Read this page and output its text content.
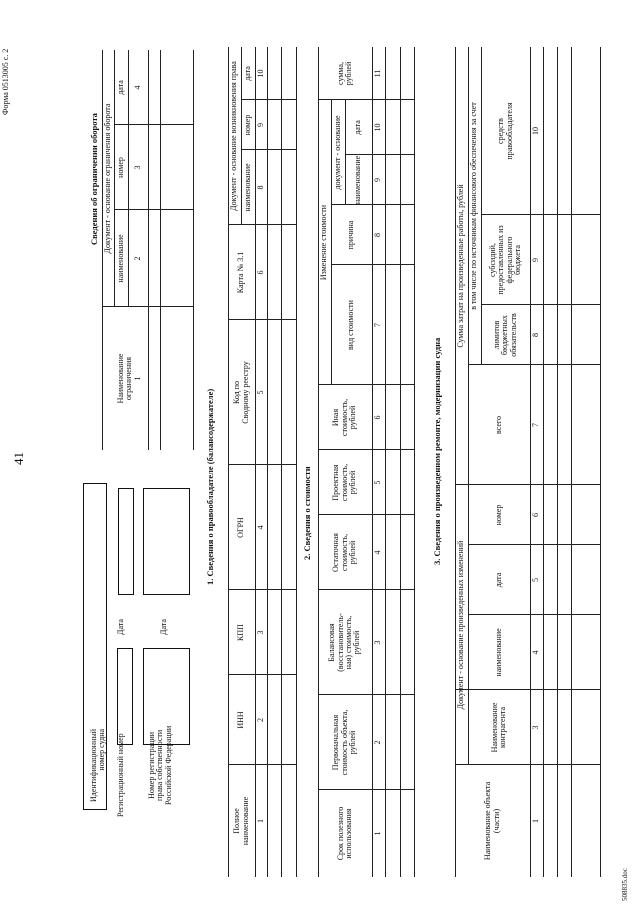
41
Форма 0513005 с. 2
Идентификационный
номер судна Регистрационный номер
Дата
Номер регистрации
права собственности
Российской Федерации
Дата
Сведения об ограничении оборота
Наименование
ограничения
Документ - основание ограничения оборота
наименование
номер
дата
1
2
3
4
1. Сведения о правообладателе (балансодержателе)
Полное
наименование
ИНН
КПП
ОГРН
Код по
Сводному реестру
Карта № 3.1
Документ - основание возникновения права наименование
номер
дата
1
2
3
4
5
6
8
9
10
2. Сведения о стоимости
Срок полезного
использования
Первоначальная
стоимость объекта,
рублей
Балансовая
(восстановитель-
ная) стоимость,
рублей
Остаточная
стоимость,
рублей
Проектная
стоимость,
рублей
Иная
стоимость,
рублей
Изменение стоимости
вид стоимости
причина
документ - основание	наименование
дата
сумма,
рублей
1
2
3
4
5
6
7
8
9
10
11
3. Сведения о произведенном ремонте, модернизации судна
Наименование объекта
(части)
Наименование
контрагента
Документ - основание произведенных изменений	наименование
дата
номер
Сумма затрат на произведенные работы, рублей
всего
в том числе по источникам финансового обеспечения за счет
лимитов
бюджетных
обязательств
субсидий,
предоставленных из
федерального
бюджета
средств
правообладателя
1
3
4
5
6
7
8
9
10
508835.doc
